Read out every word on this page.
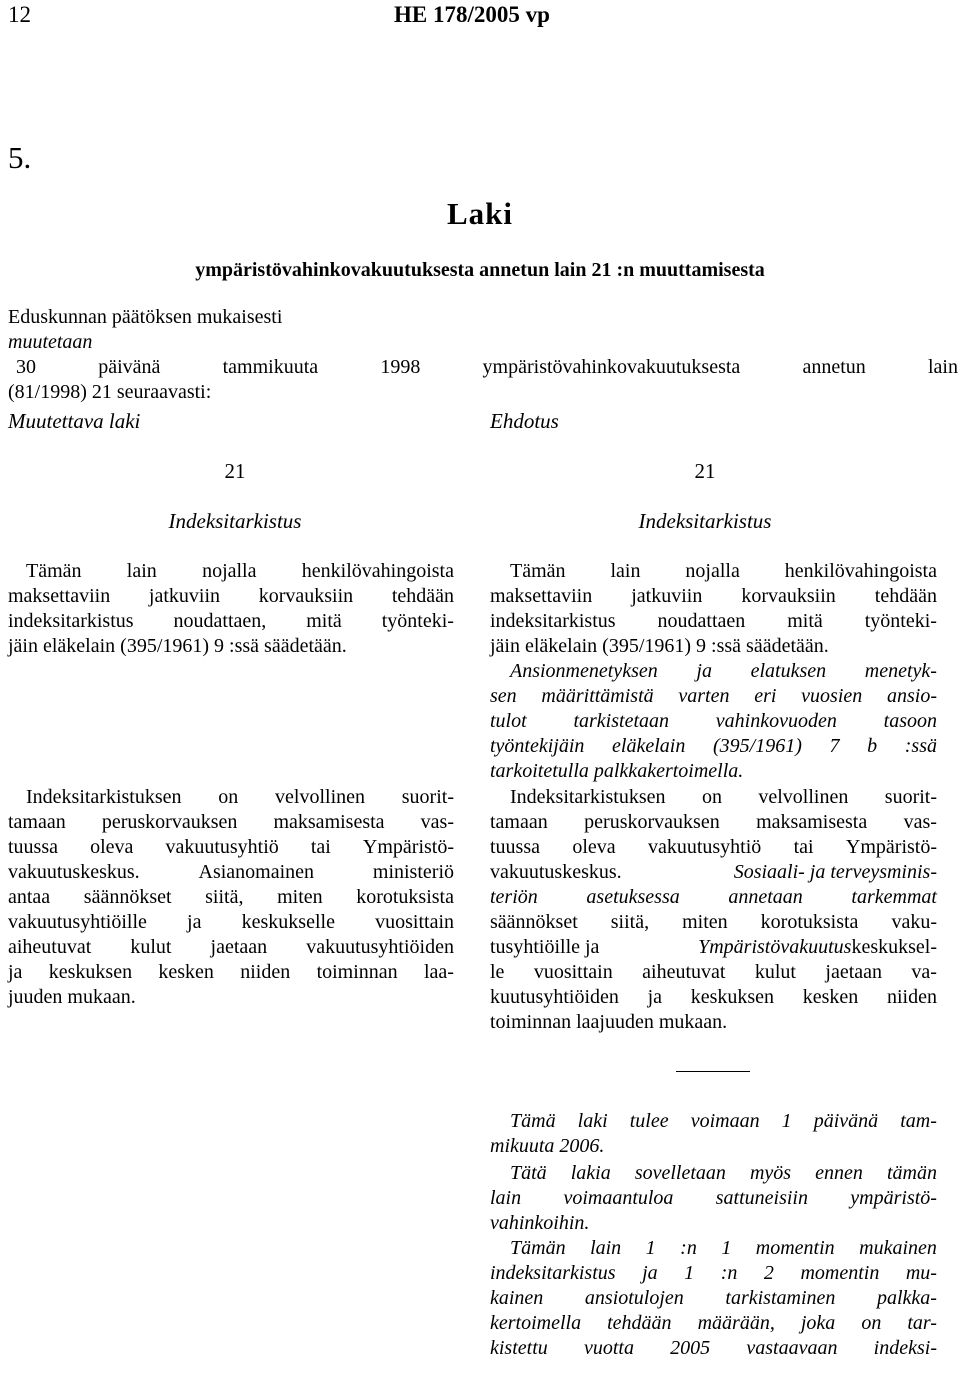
12	HE 178/2005 vp
5.
Laki
ympäristövahinkovakuutuksesta annetun lain 21 :n muuttamisesta
Eduskunnan päätöksen mukaisesti
muutetaan
30	päivänä	tammikuuta	1998	ympäristövahinkovakuutuksesta	annetun	lain
(81/1998) 21 seuraavasti:
Muutettava laki	Ehdotus
21
Indeksitarkistus
Tämän lain nojalla henkilövahingoista
maksettaviin jatkuviin korvauksiin tehdään
indeksitarkistus noudattaen, mitä työnteki-
jäin eläkelain (395/1961) 9 :ssä säädetään.
Indeksitarkistuksen on velvollinen suorit-
tamaan peruskorvauksen maksamisesta vas-
tuussa oleva vakuutusyhtiö tai Ympäristö-
vakuutuskeskus.	Asianomainen	ministeriö
antaa säännökset siitä, miten korotuksista
vakuutusyhtiöille ja keskukselle vuosittain
aiheutuvat kulut jaetaan vakuutusyhtiöiden
ja keskuksen kesken niiden toiminnan laa-
juuden mukaan.
21
Indeksitarkistus
Tämän lain nojalla henkilövahingoista
maksettaviin jatkuviin korvauksiin tehdään
indeksitarkistus noudattaen mitä työnteki-
jäin eläkelain (395/1961) 9 :ssä säädetään.
Ansionmenetyksen ja elatuksen menetyk-
sen määrittämistä varten eri vuosien ansio-
tulot tarkistetaan vahinkovuoden tasoon
työntekijäin eläkelain (395/1961) 7 b :ssä
tarkoitetulla palkkakertoimella.
Indeksitarkistuksen on velvollinen suorit-
tamaan peruskorvauksen maksamisesta vas-
tuussa oleva vakuutusyhtiö tai Ympäristö-
vakuutuskeskus.	Sosiaali- ja terveysminis-
teriön asetuksessa annetaan tarkemmat
säännökset siitä, miten korotuksista vaku-
tusyhtiöille ja	Ympäristövakuutuskeskuksel-
le vuosittain aiheutuvat kulut jaetaan va-
kuutusyhtiöiden ja keskuksen kesken niiden
toiminnan laajuuden mukaan.
Tämä laki tulee voimaan 1 päivänä tam-
mikuuta 2006.
Tätä lakia sovelletaan myös ennen tämän
lain voimaantuloa sattuneisiin ympäristö-
vahinkoihin.
Tämän lain 1 :n 1 momentin mukainen
indeksitarkistus ja 1 :n 2 momentin mu-
kainen ansiotulojen tarkistaminen palkka-
kertoimella tehdään määrään, joka on tar-
kistettu vuotta 2005 vastaavaan indeksi-
